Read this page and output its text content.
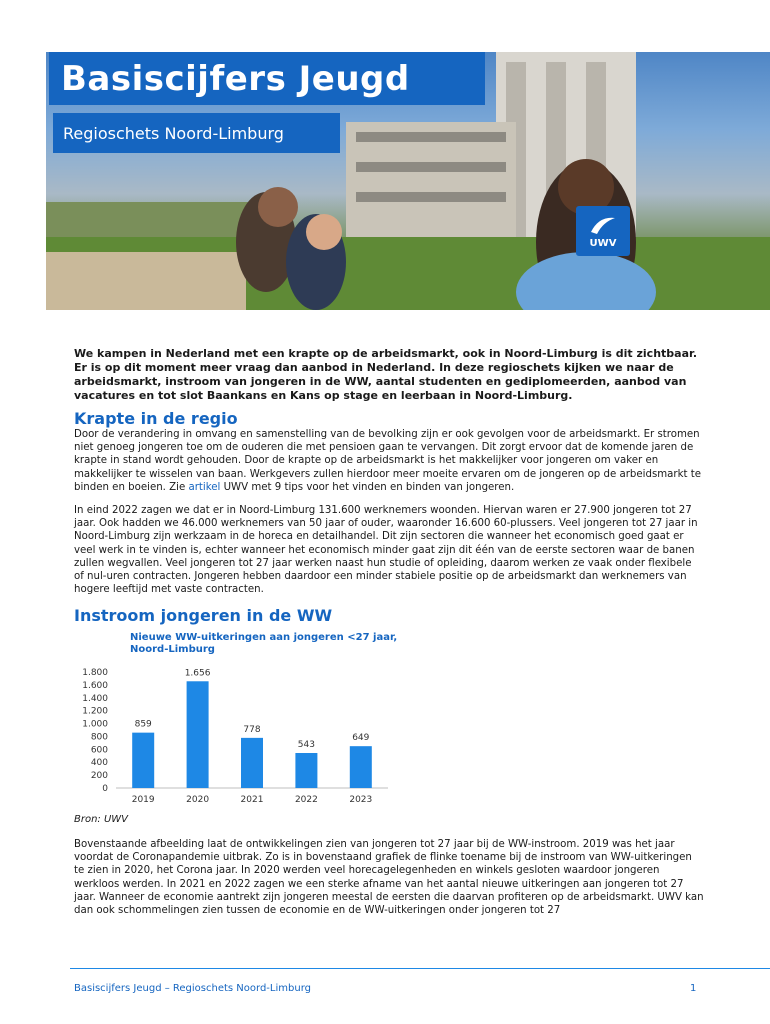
Basiscijfers Jeugd
Regioschets Noord-Limburg
UWV

We kampen in Nederland met een krapte op de arbeidsmarkt, ook in Noord-Limburg is dit zichtbaar. Er is op dit moment meer vraag dan aanbod in Nederland. In deze regioschets kijken we naar de arbeidsmarkt, instroom van jongeren in de WW, aantal studenten en gediplomeerden, aanbod van vacatures en tot slot Baankans en Kans op stage en leerbaan in Noord-Limburg.

Krapte in de regio

Door de verandering in omvang en samenstelling van de bevolking zijn er ook gevolgen voor de arbeidsmarkt. Er stromen niet genoeg jongeren toe om de ouderen die met pensioen gaan te vervangen. Dit zorgt ervoor dat de komende jaren de krapte in stand wordt gehouden. Door de krapte op de arbeidsmarkt is het makkelijker voor jongeren om vaker en makkelijker te wisselen van baan. Werkgevers zullen hierdoor meer moeite ervaren om de jongeren op de arbeidsmarkt te binden en boeien. Zie artikel UWV met 9 tips voor het vinden en binden van jongeren.

In eind 2022 zagen we dat er in Noord-Limburg 131.600 werknemers woonden. Hiervan waren er 27.900 jongeren tot 27 jaar. Ook hadden we 46.000 werknemers van 50 jaar of ouder, waaronder 16.600 60-plussers. Veel jongeren tot 27 jaar in Noord-Limburg zijn werkzaam in de horeca en detailhandel. Dit zijn sectoren die wanneer het economisch goed gaat er veel werk in te vinden is, echter wanneer het economisch minder gaat zijn dit één van de eerste sectoren waar de banen zullen wegvallen. Veel jongeren tot 27 jaar werken naast hun studie of opleiding, daarom werken ze vaak onder flexibele of nul-uren contracten. Jongeren hebben daardoor een minder stabiele positie op de arbeidsmarkt dan werknemers van hogere leeftijd met vaste contracten.

Instroom jongeren in de WW
Nieuwe WW-uitkeringen aan jongeren <27 jaar, Noord-Limburg
0
200
400
600
800
1.000
1.200
1.400
1.600
1.800
859
2019
1.656
2020
778
2021
543
2022
649
2023
Bron: UWV

Bovenstaande afbeelding laat de ontwikkelingen zien van jongeren tot 27 jaar bij de WW-instroom. 2019 was het jaar voordat de Coronapandemie uitbrak. Zo is in bovenstaand grafiek de flinke toename bij de instroom van WW-uitkeringen te zien in 2020, het Corona jaar. In 2020 werden veel horecagelegenheden en winkels gesloten waardoor jongeren werkloos werden. In 2021 en 2022 zagen we een sterke afname van het aantal nieuwe uitkeringen aan jongeren tot 27 jaar. Wanneer de economie aantrekt zijn jongeren meestal de eersten die daarvan profiteren op de arbeidsmarkt. UWV kan dan ook schommelingen zien tussen de economie en de WW-uitkeringen onder jongeren tot 27

Basiscijfers Jeugd – Regioschets Noord-Limburg	1
